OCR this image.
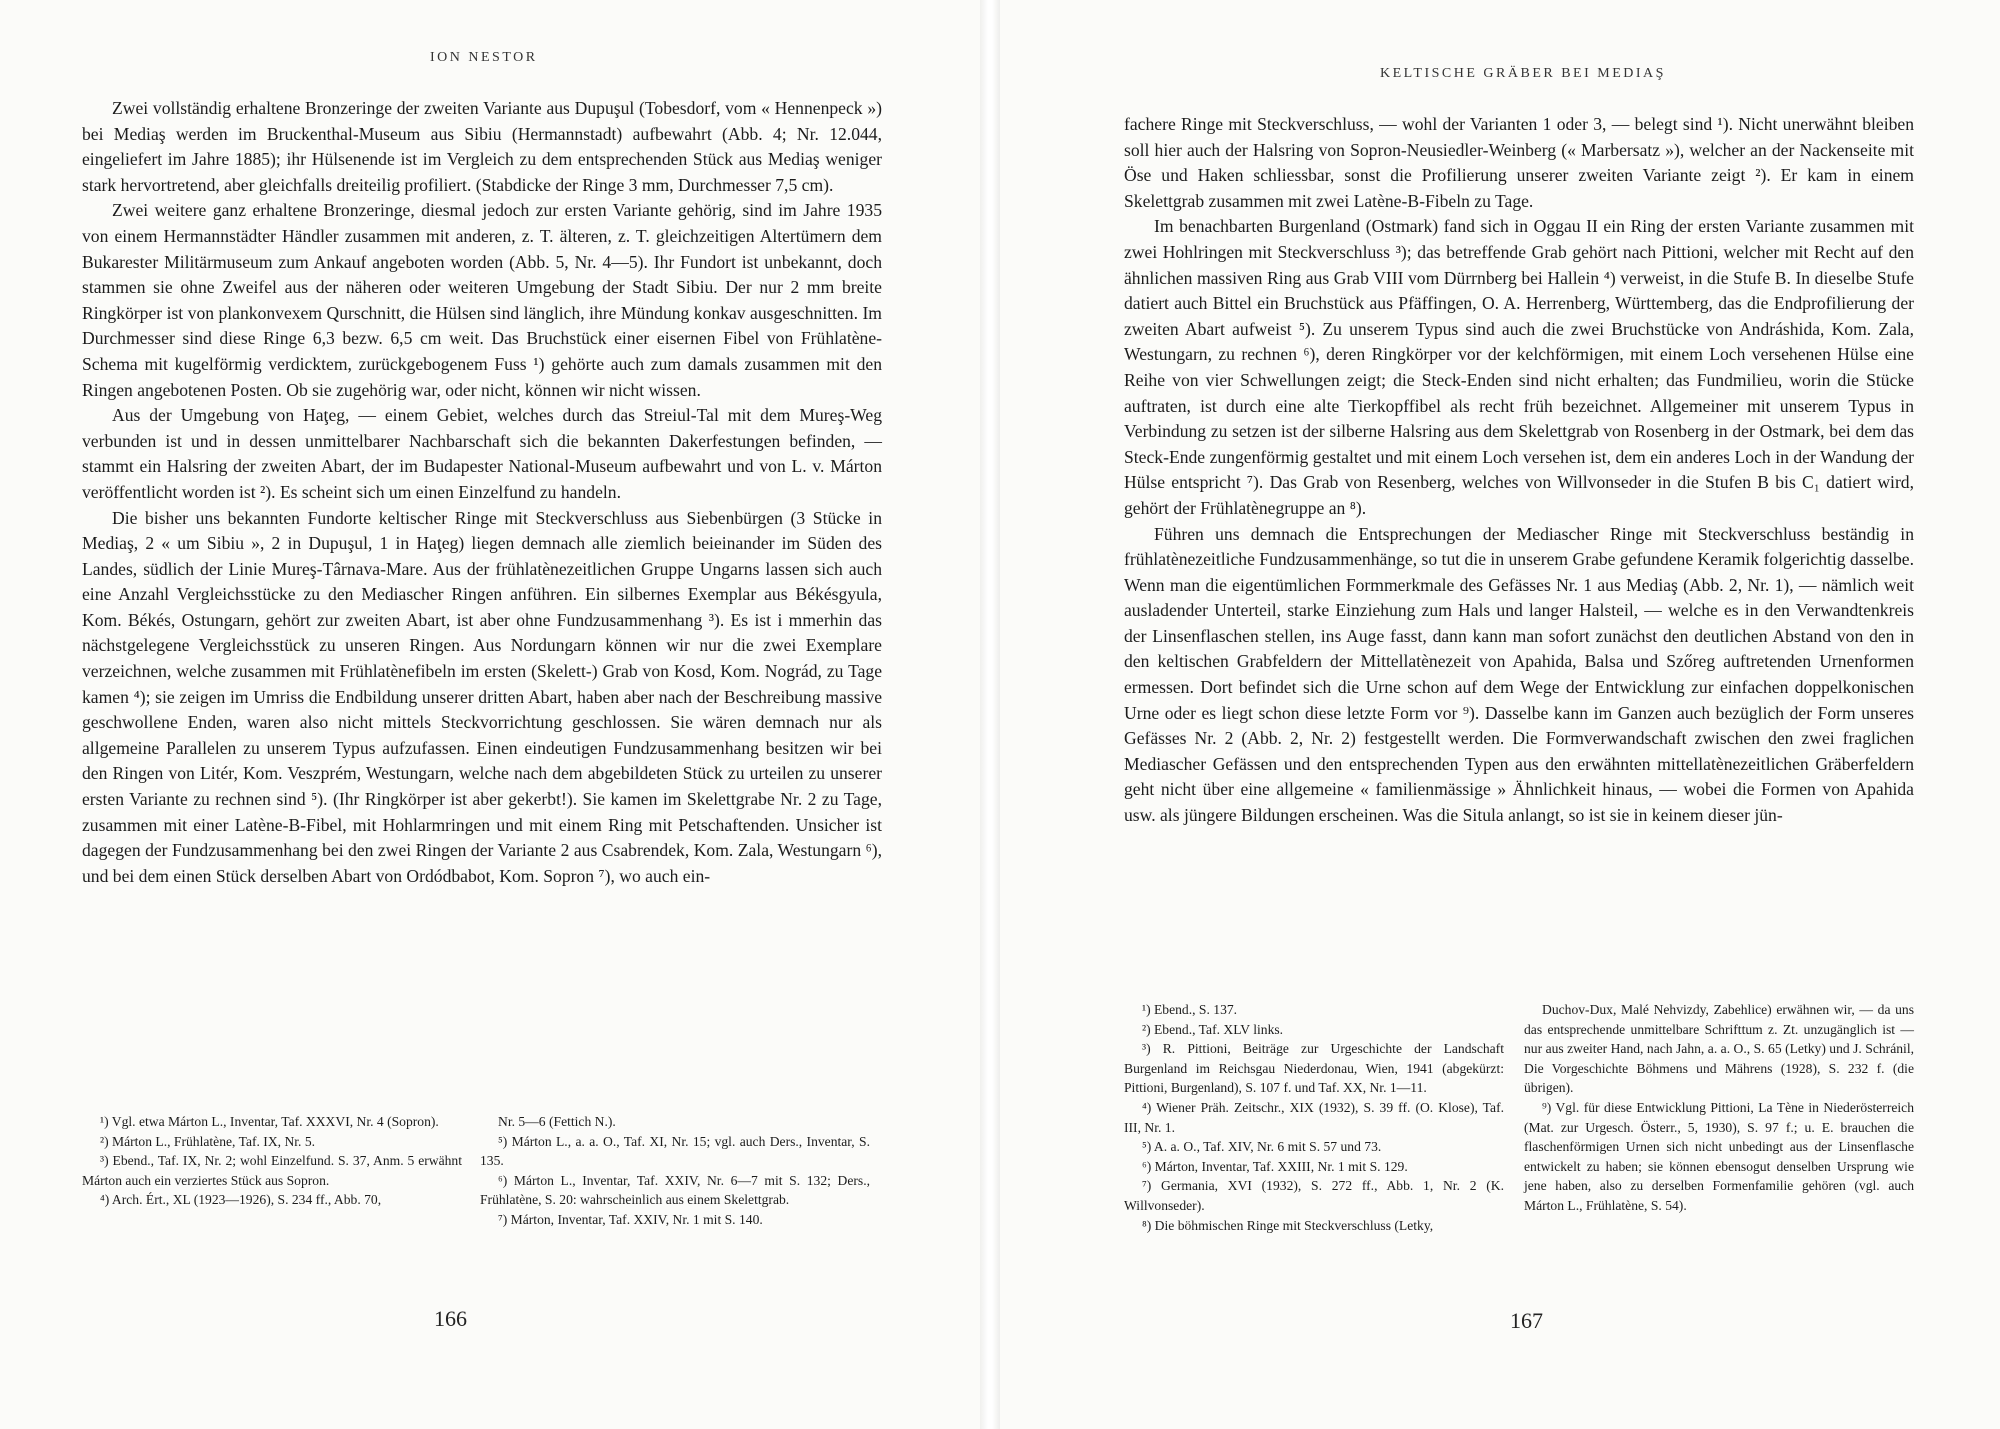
ION NESTOR

Zwei vollständig erhaltene Bronzeringe der zweiten Variante aus Dupuşul (Tobesdorf, vom « Hennenpeck ») bei Mediaş werden im Bruckenthal-Museum aus Sibiu (Hermannstadt) aufbewahrt (Abb. 4; Nr. 12.044, eingeliefert im Jahre 1885); ihr Hülsenende ist im Vergleich zu dem entsprechenden Stück aus Mediaş weniger stark hervortretend, aber gleichfalls dreiteilig profiliert. (Stabdicke der Ringe 3 mm, Durchmesser 7,5 cm).

Zwei weitere ganz erhaltene Bronzeringe, diesmal jedoch zur ersten Variante gehörig, sind im Jahre 1935 von einem Hermannstädter Händler zusammen mit anderen, z. T. älteren, z. T. gleichzeitigen Altertümern dem Bukarester Militärmuseum zum Ankauf angeboten worden (Abb. 5, Nr. 4—5). Ihr Fundort ist unbekannt, doch stammen sie ohne Zweifel aus der näheren oder weiteren Umgebung der Stadt Sibiu. Der nur 2 mm breite Ringkörper ist von plankonvexem Qurschnitt, die Hülsen sind länglich, ihre Mündung konkav ausgeschnitten. Im Durchmesser sind diese Ringe 6,3 bezw. 6,5 cm weit. Das Bruchstück einer eisernen Fibel von Frühlatène-Schema mit kugelförmig verdicktem, zurückgebogenem Fuss ¹) gehörte auch zum damals zusammen mit den Ringen angebotenen Posten. Ob sie zugehörig war, oder nicht, können wir nicht wissen.

Aus der Umgebung von Haţeg, — einem Gebiet, welches durch das Streiul-Tal mit dem Mureş-Weg verbunden ist und in dessen unmittelbarer Nachbarschaft sich die bekannten Dakerfestungen befinden, — stammt ein Halsring der zweiten Abart, der im Budapester National-Museum aufbewahrt und von L. v. Márton veröffentlicht worden ist ²). Es scheint sich um einen Einzelfund zu handeln.

Die bisher uns bekannten Fundorte keltischer Ringe mit Steckverschluss aus Siebenbürgen (3 Stücke in Mediaş, 2 « um Sibiu », 2 in Dupuşul, 1 in Haţeg) liegen demnach alle ziemlich beieinander im Süden des Landes, südlich der Linie Mureş-Târnava-Mare. Aus der frühlatènezeitlichen Gruppe Ungarns lassen sich auch eine Anzahl Vergleichsstücke zu den Mediascher Ringen anführen. Ein silbernes Exemplar aus Békésgyula, Kom. Békés, Ostungarn, gehört zur zweiten Abart, ist aber ohne Fundzusammenhang ³). Es ist i mmerhin das nächstgelegene Vergleichsstück zu unseren Ringen. Aus Nordungarn können wir nur die zwei Exemplare verzeichnen, welche zusammen mit Frühlatènefibeln im ersten (Skelett-) Grab von Kosd, Kom. Nográd, zu Tage kamen ⁴); sie zeigen im Umriss die Endbildung unserer dritten Abart, haben aber nach der Beschreibung massive geschwollene Enden, waren also nicht mittels Steckvorrichtung geschlossen. Sie wären demnach nur als allgemeine Parallelen zu unserem Typus aufzufassen. Einen eindeutigen Fundzusammenhang besitzen wir bei den Ringen von Litér, Kom. Veszprém, Westungarn, welche nach dem abgebildeten Stück zu urteilen zu unserer ersten Variante zu rechnen sind ⁵). (Ihr Ringkörper ist aber gekerbt!). Sie kamen im Skelettgrabe Nr. 2 zu Tage, zusammen mit einer Latène-B-Fibel, mit Hohlarmringen und mit einem Ring mit Petschaftenden. Unsicher ist dagegen der Fundzusammenhang bei den zwei Ringen der Variante 2 aus Csabrendek, Kom. Zala, Westungarn ⁶), und bei dem einen Stück derselben Abart von Ordódbabot, Kom. Sopron ⁷), wo auch ein-

¹) Vgl. etwa Márton L., Inventar, Taf. XXXVI, Nr. 4 (Sopron).

²) Márton L., Frühlatène, Taf. IX, Nr. 5.

³) Ebend., Taf. IX, Nr. 2; wohl Einzelfund. S. 37, Anm. 5 erwähnt Márton auch ein verziertes Stück aus Sopron.

⁴) Arch. Ért., XL (1923—1926), S. 234 ff., Abb. 70,

Nr. 5—6 (Fettich N.).

⁵) Márton L., a. a. O., Taf. XI, Nr. 15; vgl. auch Ders., Inventar, S. 135.

⁶) Márton L., Inventar, Taf. XXIV, Nr. 6—7 mit S. 132; Ders., Frühlatène, S. 20: wahrscheinlich aus einem Skelettgrab.

⁷) Márton, Inventar, Taf. XXIV, Nr. 1 mit S. 140.

166
KELTISCHE GRÄBER BEI MEDIAŞ

fachere Ringe mit Steckverschluss, — wohl der Varianten 1 oder 3, — belegt sind ¹). Nicht unerwähnt bleiben soll hier auch der Halsring von Sopron-Neusiedler-Weinberg (« Marbersatz »), welcher an der Nackenseite mit Öse und Haken schliessbar, sonst die Profilierung unserer zweiten Variante zeigt ²). Er kam in einem Skelettgrab zusammen mit zwei Latène-B-Fibeln zu Tage.

Im benachbarten Burgenland (Ostmark) fand sich in Oggau II ein Ring der ersten Variante zusammen mit zwei Hohlringen mit Steckverschluss ³); das betreffende Grab gehört nach Pittioni, welcher mit Recht auf den ähnlichen massiven Ring aus Grab VIII vom Dürrnberg bei Hallein ⁴) verweist, in die Stufe B. In dieselbe Stufe datiert auch Bittel ein Bruchstück aus Pfäffingen, O. A. Herrenberg, Württemberg, das die Endprofilierung der zweiten Abart aufweist ⁵). Zu unserem Typus sind auch die zwei Bruchstücke von Andráshida, Kom. Zala, Westungarn, zu rechnen ⁶), deren Ringkörper vor der kelchförmigen, mit einem Loch versehenen Hülse eine Reihe von vier Schwellungen zeigt; die Steck-Enden sind nicht erhalten; das Fundmilieu, worin die Stücke auftraten, ist durch eine alte Tierkopffibel als recht früh bezeichnet. Allgemeiner mit unserem Typus in Verbindung zu setzen ist der silberne Halsring aus dem Skelettgrab von Rosenberg in der Ostmark, bei dem das Steck-Ende zungenförmig gestaltet und mit einem Loch versehen ist, dem ein anderes Loch in der Wandung der Hülse entspricht ⁷). Das Grab von Resenberg, welches von Willvonseder in die Stufen B bis C₁ datiert wird, gehört der Frühlatènegruppe an ⁸).

Führen uns demnach die Entsprechungen der Mediascher Ringe mit Steckverschluss beständig in frühlatènezeitliche Fundzusammenhänge, so tut die in unserem Grabe gefundene Keramik folgerichtig dasselbe. Wenn man die eigentümlichen Formmerkmale des Gefässes Nr. 1 aus Mediaş (Abb. 2, Nr. 1), — nämlich weit ausladender Unterteil, starke Einziehung zum Hals und langer Halsteil, — welche es in den Verwandtenkreis der Linsenflaschen stellen, ins Auge fasst, dann kann man sofort zunächst den deutlichen Abstand von den in den keltischen Grabfeldern der Mittellatènezeit von Apahida, Balsa und Szőreg auftretenden Urnenformen ermessen. Dort befindet sich die Urne schon auf dem Wege der Entwicklung zur einfachen doppelkonischen Urne oder es liegt schon diese letzte Form vor ⁹). Dasselbe kann im Ganzen auch bezüglich der Form unseres Gefässes Nr. 2 (Abb. 2, Nr. 2) festgestellt werden. Die Formverwandschaft zwischen den zwei fraglichen Mediascher Gefässen und den entsprechenden Typen aus den erwähnten mittellatènezeitlichen Gräberfeldern geht nicht über eine allgemeine « familienmässige » Ähnlichkeit hinaus, — wobei die Formen von Apahida usw. als jüngere Bildungen erscheinen. Was die Situla anlangt, so ist sie in keinem dieser jün-

¹) Ebend., S. 137.

²) Ebend., Taf. XLV links.

³) R. Pittioni, Beiträge zur Urgeschichte der Landschaft Burgenland im Reichsgau Niederdonau, Wien, 1941 (abgekürzt: Pittioni, Burgenland), S. 107 f. und Taf. XX, Nr. 1—11.

⁴) Wiener Präh. Zeitschr., XIX (1932), S. 39 ff. (O. Klose), Taf. III, Nr. 1.

⁵) A. a. O., Taf. XIV, Nr. 6 mit S. 57 und 73.

⁶) Márton, Inventar, Taf. XXIII, Nr. 1 mit S. 129.

⁷) Germania, XVI (1932), S. 272 ff., Abb. 1, Nr. 2 (K. Willvonseder).

⁸) Die böhmischen Ringe mit Steckverschluss (Letky,

Duchov-Dux, Malé Nehvizdy, Zabehlice) erwähnen wir, — da uns das entsprechende unmittelbare Schrifttum z. Zt. unzugänglich ist — nur aus zweiter Hand, nach Jahn, a. a. O., S. 65 (Letky) und J. Schránil, Die Vorgeschichte Böhmens und Mährens (1928), S. 232 f. (die übrigen).

⁹) Vgl. für diese Entwicklung Pittioni, La Tène in Niederösterreich (Mat. zur Urgesch. Österr., 5, 1930), S. 97 f.; u. E. brauchen die flaschenförmigen Urnen sich nicht unbedingt aus der Linsenflasche entwickelt zu haben; sie können ebensogut denselben Ursprung wie jene haben, also zu derselben Formenfamilie gehören (vgl. auch Márton L., Frühlatène, S. 54).

167
